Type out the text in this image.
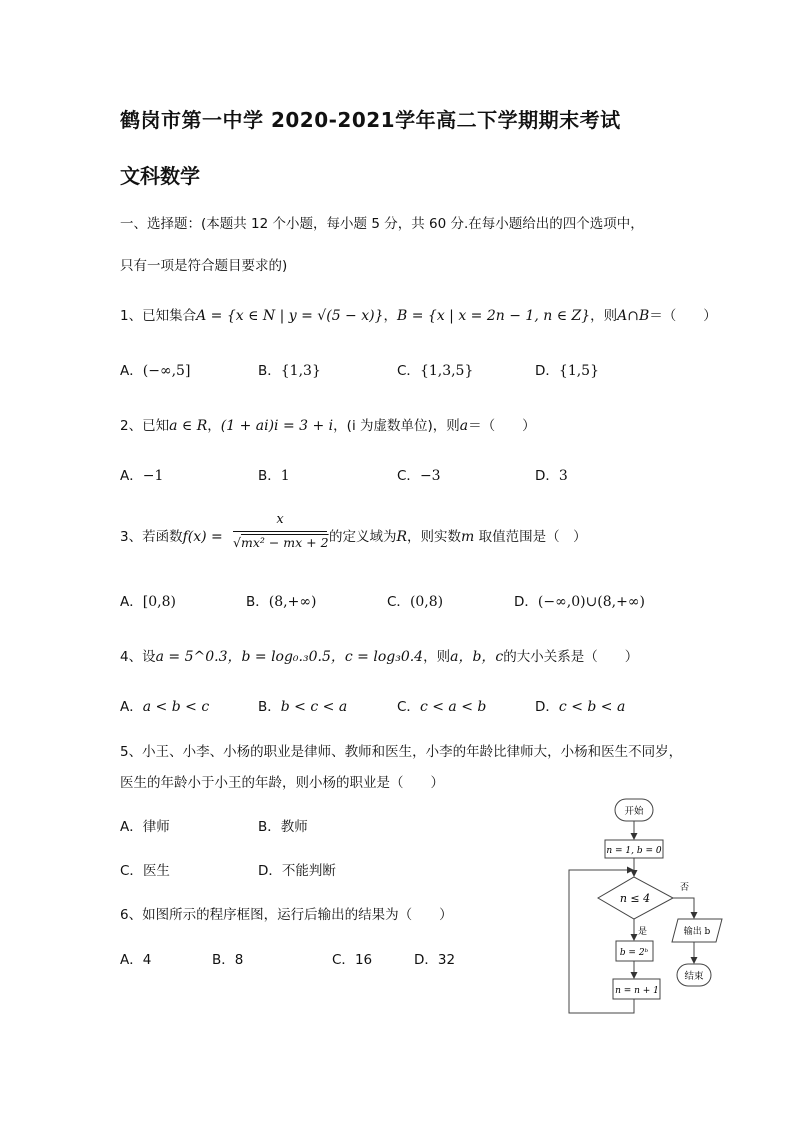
鹤岗市第一中学 2020-2021学年高二下学期期末考试
文科数学
一、选择题：(本题共 12 个小题，每小题 5 分，共 60 分.在每小题给出的四个选项中，
只有一项是符合题目要求的)
1、已知集合A = {x ∈ N | y = √(5 − x)}，B = {x | x = 2n − 1, n ∈ Z}，则A∩B＝（　　）
A．(−∞,5]	B．{1,3}	C．{1,3,5}	D．{1,5}
2、已知a ∈ R，(1 + ai)i = 3 + i，(i 为虚数单位)，则a＝（　　）
A．−1	B．1	C．−3	D．3
3、若函数f(x) =
x
√mx² − mx + 2 的定义域为R，则实数m 取值范围是（　）
A．[0,8)	B．(8,+∞)	C．(0,8)	D．(−∞,0)∪(8,+∞)
4、设a = 5^0.3，b = log₀.₃0.5，c = log₃0.4，则a，b，c的大小关系是（　　）
A．a < b < c	B．b < c < a	C．c < a < b	D．c < b < a
5、小王、小李、小杨的职业是律师、教师和医生，小李的年龄比律师大，小杨和医生不同岁，
医生的年龄小于小王的年龄，则小杨的职业是（　　）
A．律师	B．教师
C．医生	D．不能判断
6、如图所示的程序框图，运行后输出的结果为（　　）
A．4	B．8	C．16	D．32
开始
n = 1, b = 0
n ≤ 4
否
是
b = 2ᵇ
n = n + 1
输出 b
结束
